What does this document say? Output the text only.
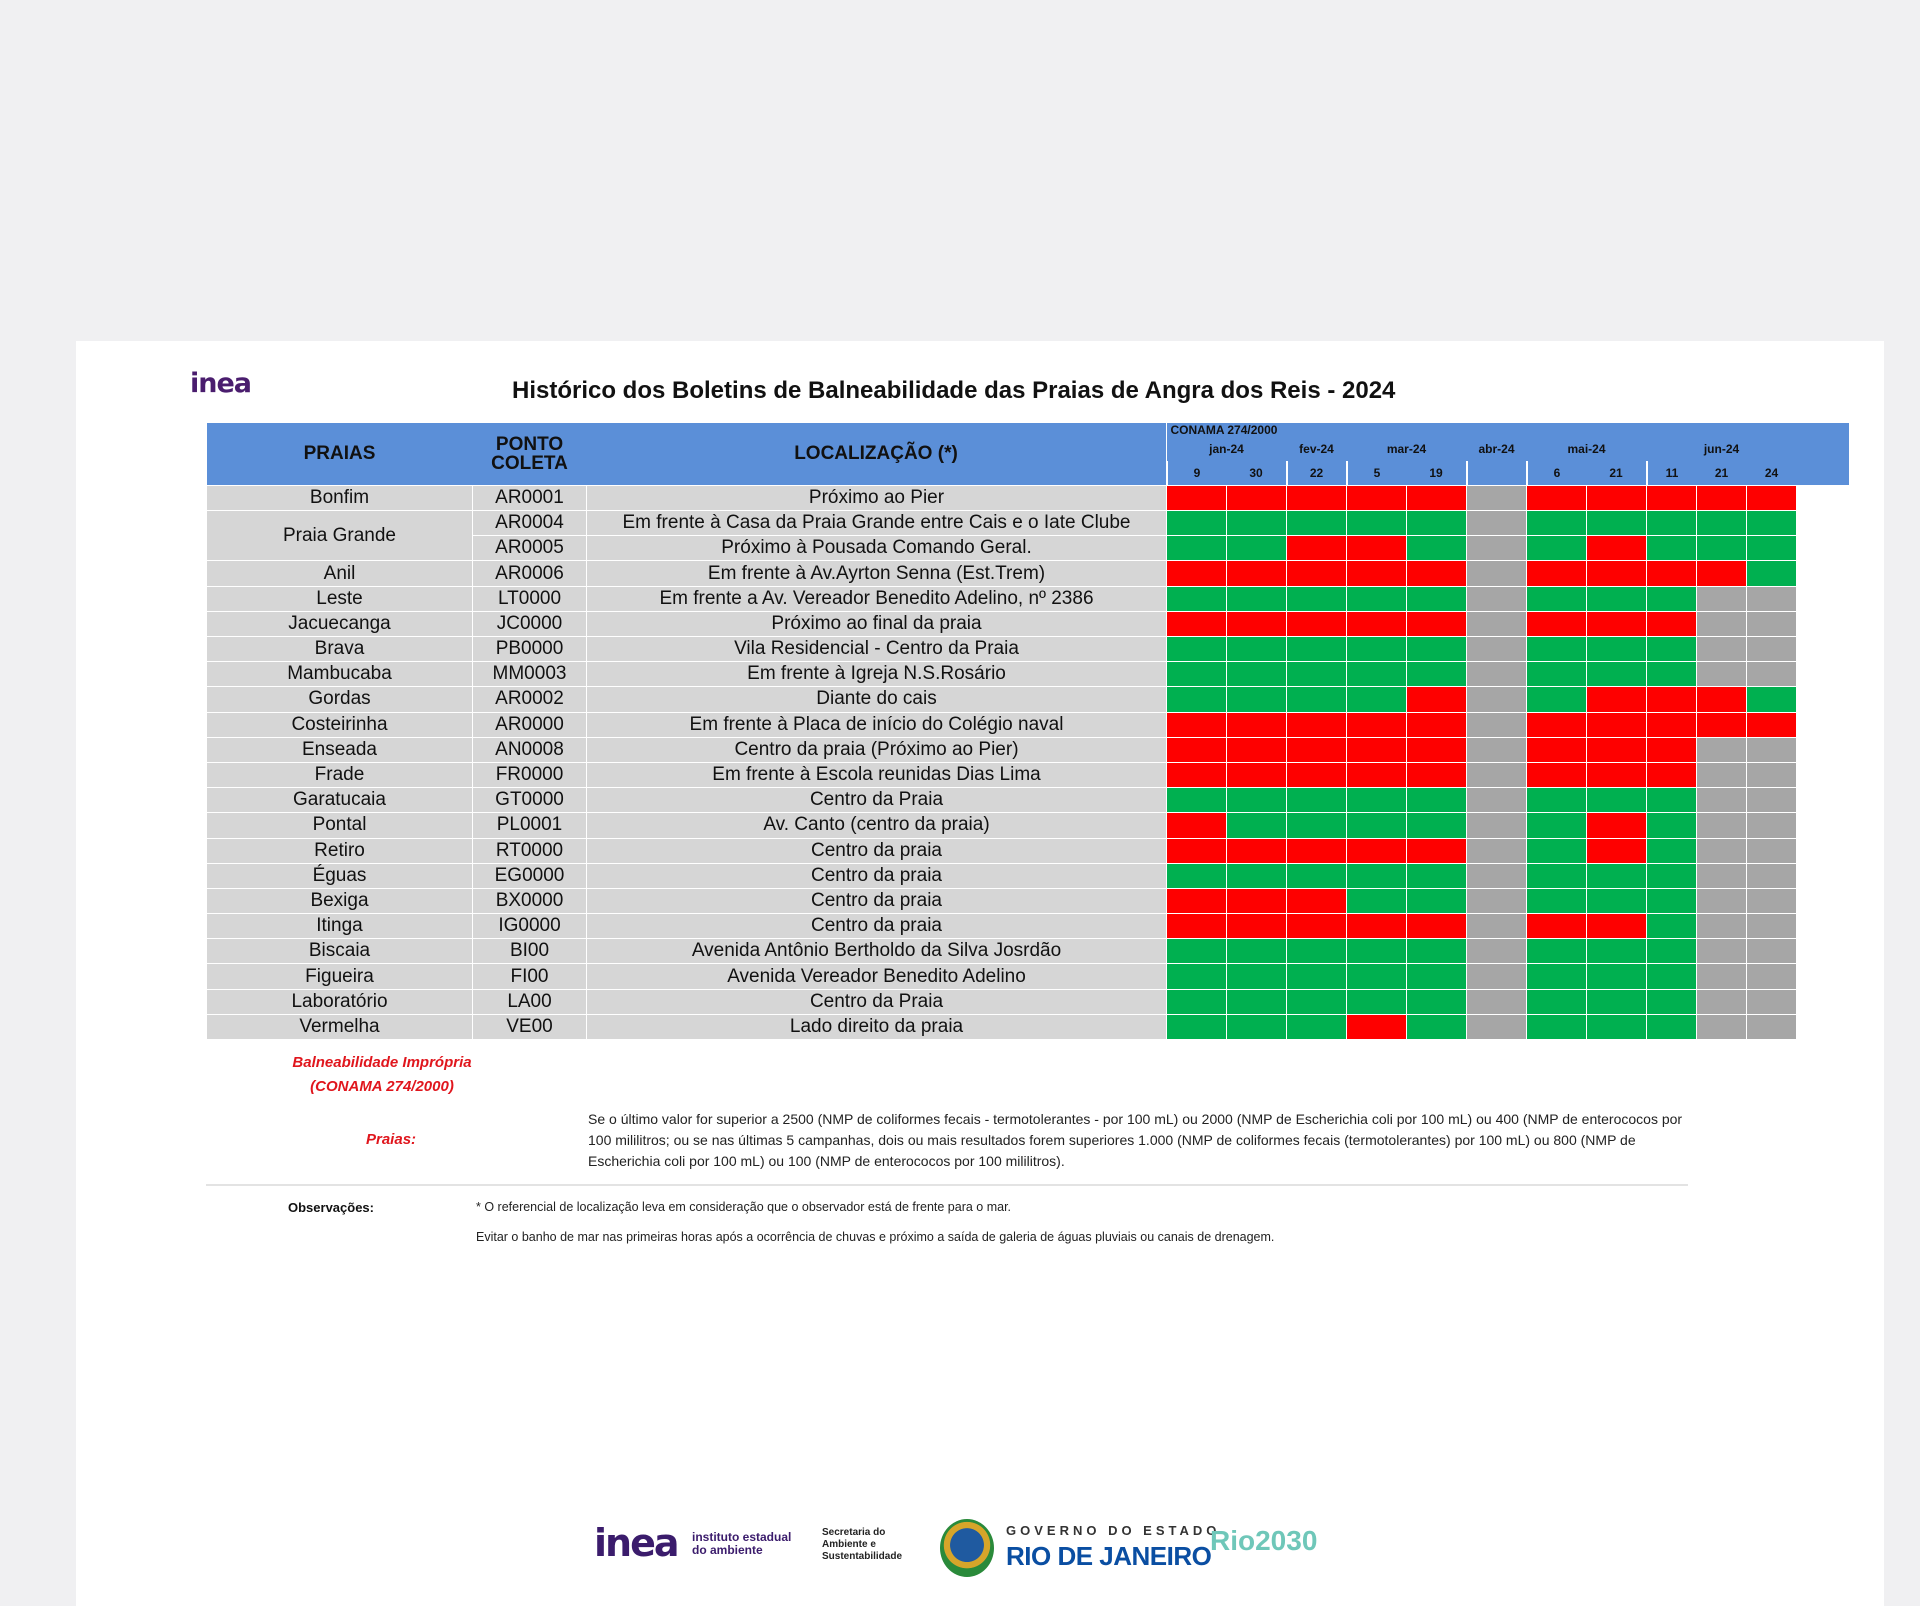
inea	Histórico dos Boletins de Balneabilidade das Praias de Angra dos Reis - 2024
PRAIAS	PONTO COLETA	LOCALIZAÇÃO (*)	CONAMA 274/2000											
			jan-24		fev-24	mar-24		abr-24	mai-24		jun-24			
			9	30	22	5	19		6	21	11	21	24	
Bonfim	AR0001	Próximo ao Pier												
Praia Grande	AR0004	Em frente à Casa da Praia Grande entre Cais e o Iate Clube												
	AR0005	Próximo à Pousada Comando Geral.												
Anil	AR0006	Em frente à Av.Ayrton Senna (Est.Trem)												
Leste	LT0000	Em frente a Av. Vereador Benedito Adelino, nº 2386												
Jacuecanga	JC0000	Próximo ao final da praia												
Brava	PB0000	Vila Residencial - Centro da Praia												
Mambucaba	MM0003	Em frente à Igreja N.S.Rosário												
Gordas	AR0002	Diante do cais												
Costeirinha	AR0000	Em frente à Placa de início do Colégio naval												
Enseada	AN0008	Centro da praia (Próximo ao Pier)												
Frade	FR0000	Em frente à Escola reunidas Dias Lima												
Garatucaia	GT0000	Centro da Praia												
Pontal	PL0001	Av. Canto (centro da praia)												
Retiro	RT0000	Centro da praia												
Éguas	EG0000	Centro da praia												
Bexiga	BX0000	Centro da praia												
Itinga	IG0000	Centro da praia												
Biscaia	BI00	Avenida Antônio Bertholdo da Silva Josrdão												
Figueira	FI00	Avenida Vereador Benedito Adelino												
Laboratório	LA00	Centro da Praia												
Vermelha	VE00	Lado direito da praia												
Balneabilidade Imprópria
(CONAMA 274/2000)
Praias:
Se o último valor for superior a 2500 (NMP de coliformes fecais - termotolerantes - por 100 mL) ou 2000 (NMP de Escherichia coli por 100 mL) ou 400 (NMP de enterococos por 100 mililitros; ou se nas últimas 5 campanhas, dois ou mais resultados forem superiores 1.000 (NMP de coliformes fecais (termotolerantes) por 100 mL) ou 800 (NMP de Escherichia coli por 100 mL) ou 100 (NMP de enterococos por 100 mililitros).
Observações:	* O referencial de localização leva em consideração que o observador está de frente para o mar.
Evitar o banho de mar nas primeiras horas após a ocorrência de chuvas e próximo a saída de galeria de águas pluviais ou canais de drenagem.
inea instituto estadual
do ambiente
Secretaria do
Ambiente e
Sustentabilidade
GOVERNO DO ESTADO
RIO DE JANEIRO
Rio2030
